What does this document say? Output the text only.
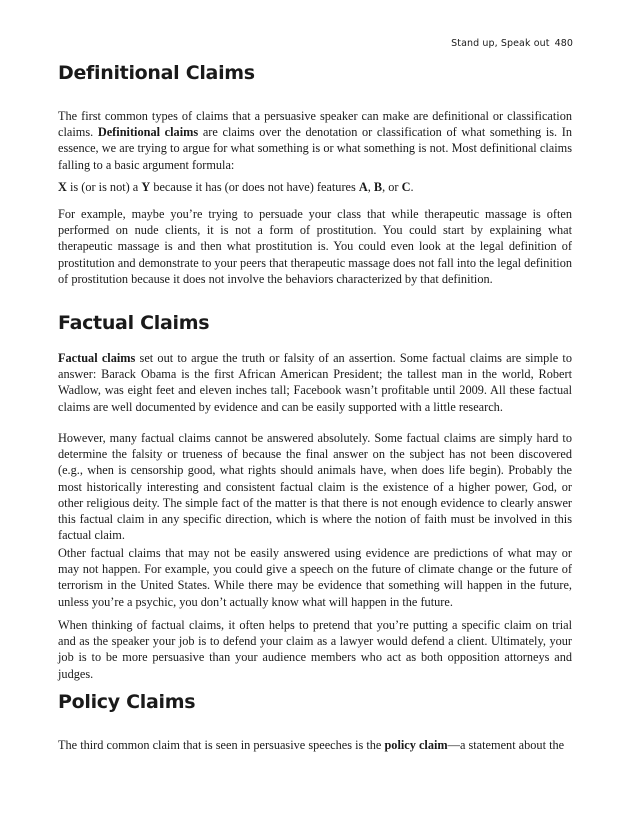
Stand up, Speak out 480
Definitional Claims

The first common types of claims that a persuasive speaker can make are definitional or classification claims. Definitional claims are claims over the denotation or classification of what something is. In essence, we are trying to argue for what something is or what something is not. Most definitional claims falling to a basic argument formula:

X is (or is not) a Y because it has (or does not have) features A, B, or C.

For example, maybe you’re trying to persuade your class that while therapeutic massage is often performed on nude clients, it is not a form of prostitution. You could start by explaining what therapeutic massage is and then what prostitution is. You could even look at the legal definition of prostitution and demonstrate to your peers that therapeutic massage does not fall into the legal definition of prostitution because it does not involve the behaviors characterized by that definition.

Factual Claims

Factual claims set out to argue the truth or falsity of an assertion. Some factual claims are simple to answer: Barack Obama is the first African American President; the tallest man in the world, Robert Wadlow, was eight feet and eleven inches tall; Facebook wasn’t profitable until 2009. All these factual claims are well documented by evidence and can be easily supported with a little research.

However, many factual claims cannot be answered absolutely. Some factual claims are simply hard to determine the falsity or trueness of because the final answer on the subject has not been discovered (e.g., when is censorship good, what rights should animals have, when does life begin). Probably the most historically interesting and consistent factual claim is the existence of a higher power, God, or other religious deity. The simple fact of the matter is that there is not enough evidence to clearly answer this factual claim in any specific direction, which is where the notion of faith must be involved in this factual claim.

Other factual claims that may not be easily answered using evidence are predictions of what may or may not happen. For example, you could give a speech on the future of climate change or the future of terrorism in the United States. While there may be evidence that something will happen in the future, unless you’re a psychic, you don’t actually know what will happen in the future.

When thinking of factual claims, it often helps to pretend that you’re putting a specific claim on trial and as the speaker your job is to defend your claim as a lawyer would defend a client. Ultimately, your job is to be more persuasive than your audience members who act as both opposition attorneys and judges.

Policy Claims

The third common claim that is seen in persuasive speeches is the policy claim—a statement about the
